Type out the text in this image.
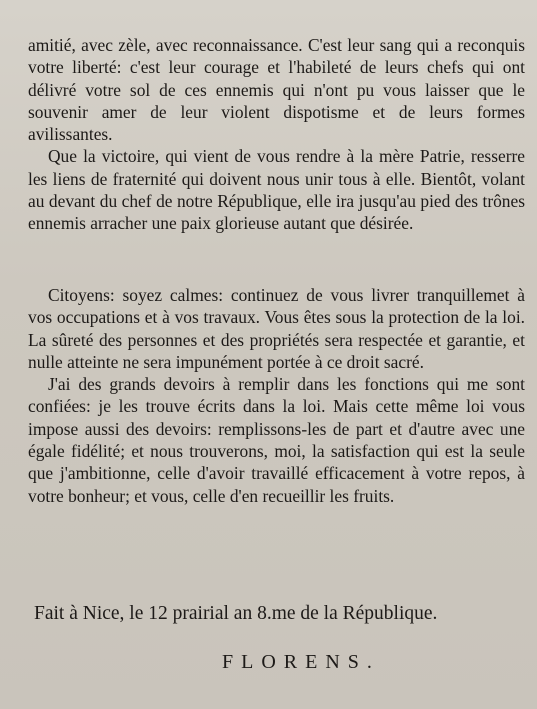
amitié, avec zèle, avec reconnaissance. C'est leur sang qui a reconquis votre liberté: c'est leur courage et l'habileté de leurs chefs qui ont délivré votre sol de ces ennemis qui n'ont pu vous laisser que le souvenir amer de leur violent dispotisme et de leurs formes avilissantes.

Que la victoire, qui vient de vous rendre à la mère Patrie, resserre les liens de fraternité qui doivent nous unir tous à elle. Bientôt, volant au devant du chef de notre République, elle ira jusqu'au pied des trônes ennemis arracher une paix glorieuse autant que désirée.

Citoyens: soyez calmes: continuez de vous livrer tranquillemet à vos occupations et à vos travaux. Vous êtes sous la protection de la loi. La sûreté des personnes et des propriétés sera respectée et garantie, et nulle atteinte ne sera impunément portée à ce droit sacré.

J'ai des grands devoirs à remplir dans les fonctions qui me sont confiées: je les trouve écrits dans la loi. Mais cette même loi vous impose aussi des devoirs: remplissons-les de part et d'autre avec une égale fidélité; et nous trouverons, moi, la satisfaction qui est la seule que j'ambitionne, celle d'avoir travaillé efficacement à votre repos, à votre bonheur; et vous, celle d'en recueillir les fruits.

Fait à Nice, le 12 prairial an 8.me de la République.
FLORENS.
